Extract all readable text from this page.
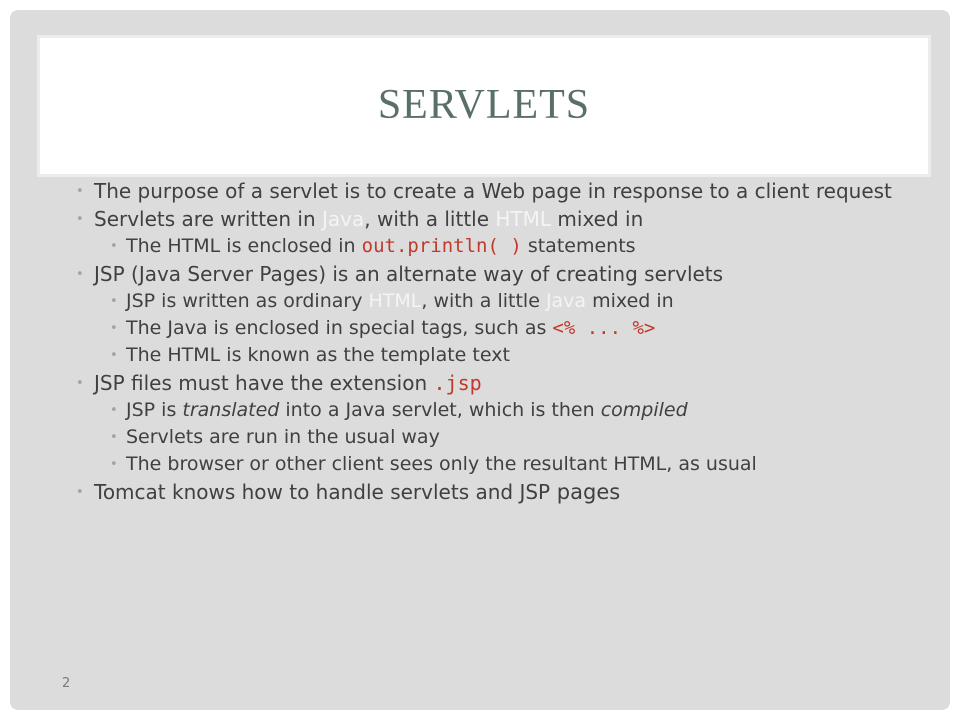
SERVLETS
• The purpose of a servlet is to create a Web page in response to a client request
• Servlets are written in Java, with a little HTML mixed in
• The HTML is enclosed in out.println( ) statements
• JSP (Java Server Pages) is an alternate way of creating servlets
• JSP is written as ordinary HTML, with a little Java mixed in
• The Java is enclosed in special tags, such as <% ... %>
• The HTML is known as the template text
• JSP files must have the extension .jsp
• JSP is translated into a Java servlet, which is then compiled
• Servlets are run in the usual way
• The browser or other client sees only the resultant HTML, as usual
• Tomcat knows how to handle servlets and JSP pages
2
